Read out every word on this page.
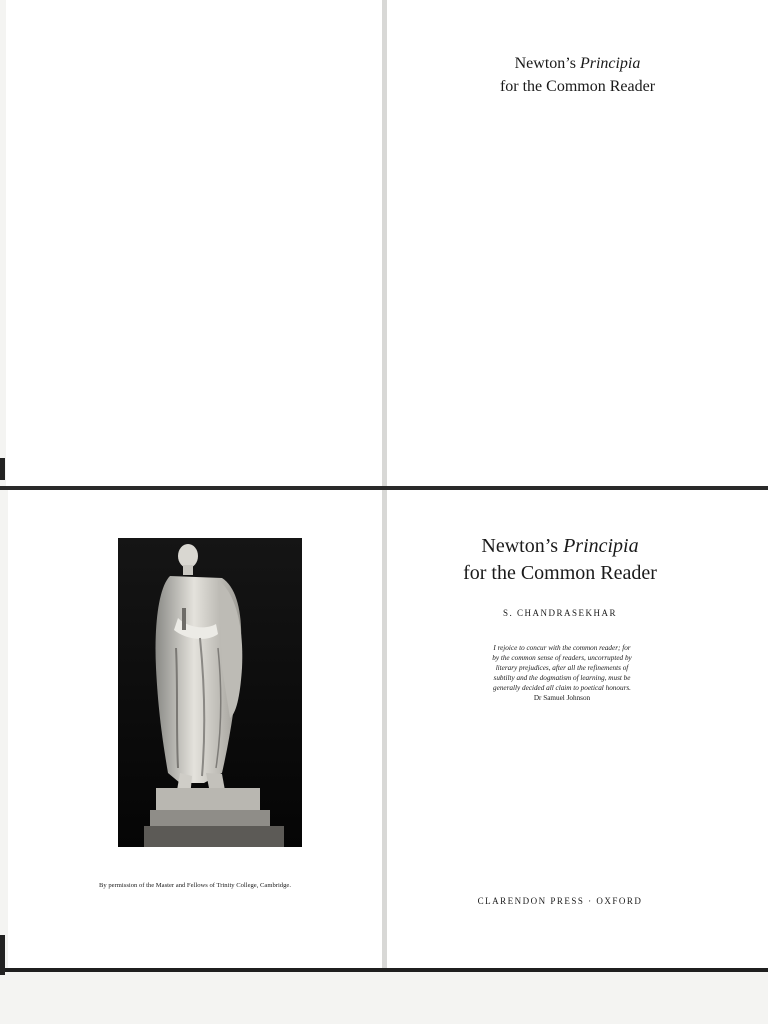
Newton’s Principia
for the Common Reader
By permission of the Master and Fellows of Trinity College, Cambridge.
Newton’s Principia
for the Common Reader
S. CHANDRASEKHAR
I rejoice to concur with the common reader; for
by the common sense of readers, uncorrupted by
literary prejudices, after all the refinements of
subtilty and the dogmatism of learning, must be
generally decided all claim to poetical honours.
Dr Samuel Johnson
CLARENDON PRESS · OXFORD
